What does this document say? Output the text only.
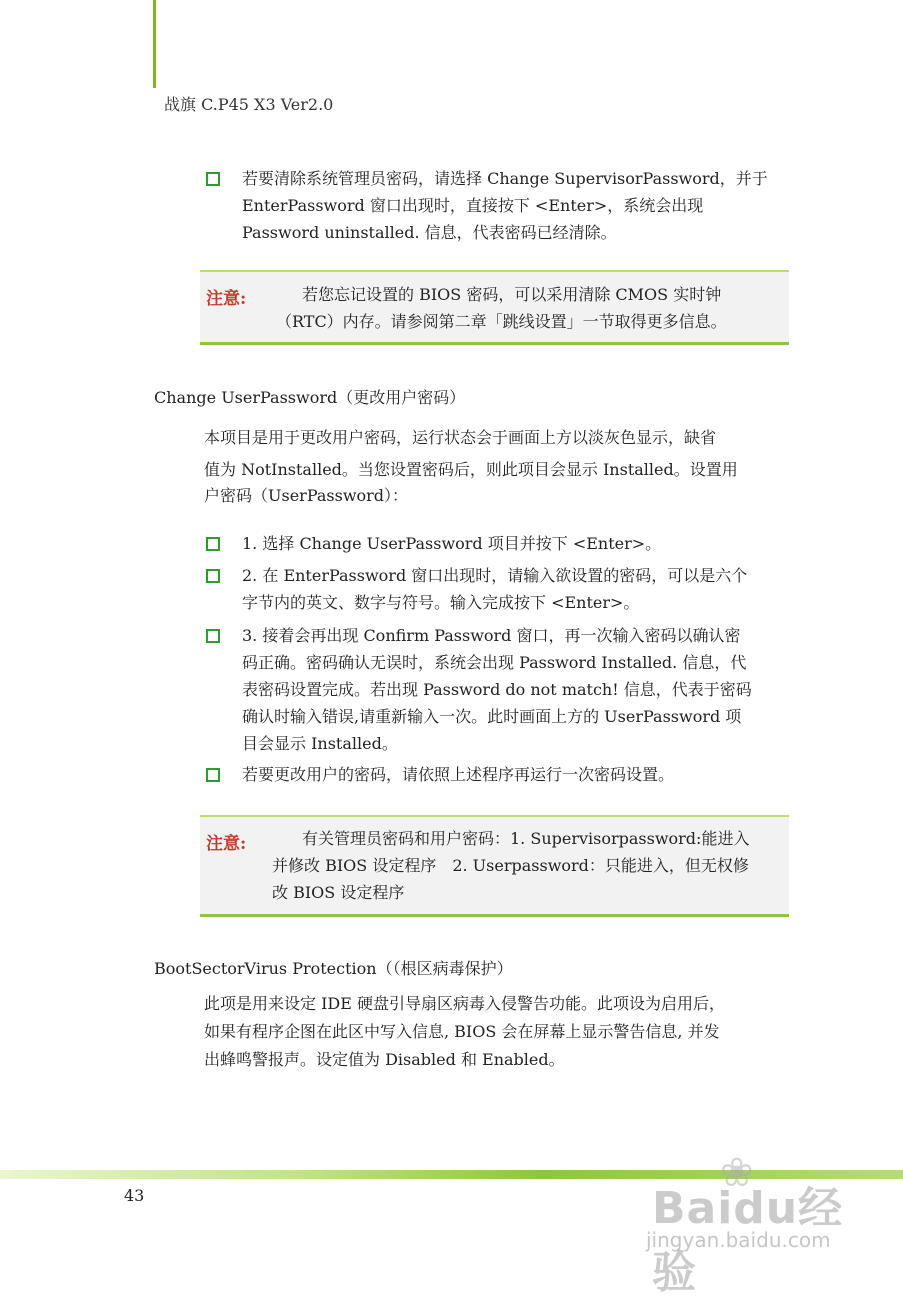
战旗 C.P45 X3 Ver2.0
若要清除系统管理员密码，请选择 Change SupervisorPassword，并于
EnterPassword 窗口出现时，直接按下 <Enter>，系统会出现
Password uninstalled. 信息，代表密码已经清除。
注意:	若您忘记设置的 BIOS 密码，可以采用清除 CMOS 实时钟
（RTC）内存。请参阅第二章「跳线设置」一节取得更多信息。
Change UserPassword（更改用户密码）
本项目是用于更改用户密码，运行状态会于画面上方以淡灰色显示，缺省
值为 NotInstalled。当您设置密码后，则此项目会显示 Installed。设置用
户密码（UserPassword）：
1. 选择 Change UserPassword 项目并按下 <Enter>。
2. 在 EnterPassword 窗口出现时，请输入欲设置的密码，可以是六个
字节内的英文、数字与符号。输入完成按下 <Enter>。
3. 接着会再出现 Confirm Password 窗口，再一次输入密码以确认密
码正确。密码确认无误时，系统会出现 Password Installed. 信息，代
表密码设置完成。若出现 Password do not match! 信息，代表于密码
确认时输入错误,请重新输入一次。此时画面上方的 UserPassword 项
目会显示 Installed。
若要更改用户的密码，请依照上述程序再运行一次密码设置。
注意:	有关管理员密码和用户密码：1. Supervisorpassword:能进入
并修改 BIOS 设定程序　2. Userpassword：只能进入，但无权修
改 BIOS 设定程序
BootSectorVirus Protection（（根区病毒保护）
此项是用来设定 IDE 硬盘引导扇区病毒入侵警告功能。此项设为启用后，
如果有程序企图在此区中写入信息, BIOS 会在屏幕上显示警告信息, 并发
出蜂鸣警报声。设定值为 Disabled 和 Enabled。
43	❀
Baidu经验
jingyan.baidu.com
